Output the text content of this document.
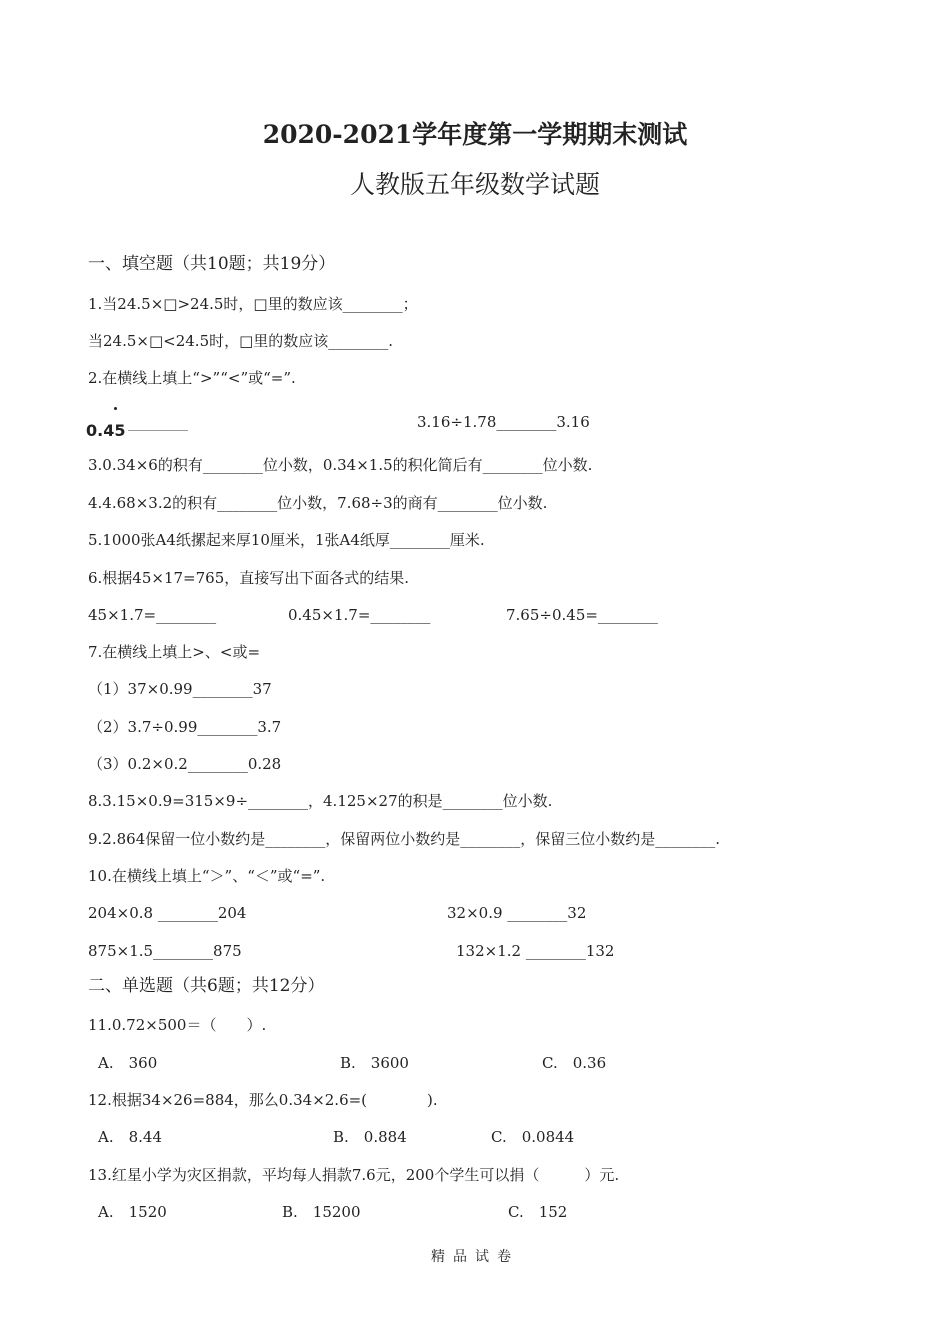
2020-2021学年度第一学期期末测试
人教版五年级数学试题
一、填空题（共10题；共19分）
1.当24.5×□>24.5时，□里的数应该________；
当24.5×□<24.5时，□里的数应该________.
2.在横线上填上“>”“<”或“=”.
0.45 ________	3.16÷1.78________3.16
3.0.34×6的积有________位小数，0.34×1.5的积化简后有________位小数.
4.4.68×3.2的积有________位小数，7.68÷3的商有________位小数.
5.1000张A4纸摞起来厚10厘米，1张A4纸厚________厘米.
6.根据45×17=765，直接写出下面各式的结果.
45×1.7=________	0.45×1.7=________	7.65÷0.45=________
7.在横线上填上>、<或=
（1）37×0.99________37
（2）3.7÷0.99________3.7
（3）0.2×0.2________0.28
8.3.15×0.9=315×9÷________，4.125×27的积是________位小数.
9.2.864保留一位小数约是________，保留两位小数约是________，保留三位小数约是________.
10.在横线上填上“＞”、“＜”或“=”.
204×0.8 ________204	32×0.9 ________32
875×1.5________875	132×1.2 ________132
二、单选题（共6题；共12分）
11.0.72×500＝（　　）.
A.　360	B.　3600	C.　0.36
12.根据34×26=884，那么0.34×2.6=(　　　　).
A.　8.44	B.　0.884	C.　0.0844
13.红星小学为灾区捐款，平均每人捐款7.6元，200个学生可以捐（　　　）元.
A.　1520	B.　15200	C.　152
精品试卷
